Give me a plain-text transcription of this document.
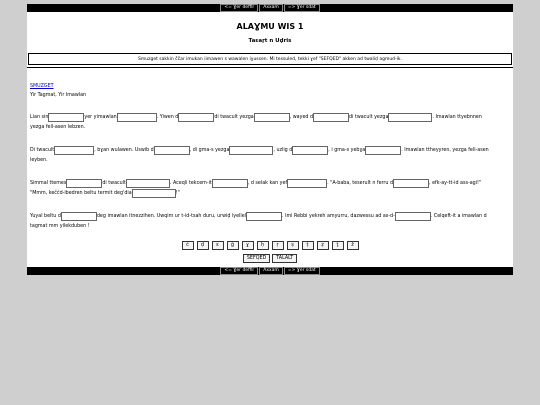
<= Ɣer deffir	Axxam	=> Ɣer sdat
ALAƔMU WIS 1
Taɛaṛt n Uḍris
Smuzget sakkin ččar imukan iimawen s wawalen iɣussen. Mi tessuled, tekki ɣef "SEFQED" akken ad twaliḍ agmud-ik.
SMUZGET
Yir Tagmat, Yir Imawlan
Lian sin	yer yimawlan	. Yiwen d	di twacult yezga	, wayed d	di twacult yezga	. Imawlan ttyebnnen
yezga fell-asen lebzen.
Di twacult	, bɣan wulawen. Uswib d	, di gma-s yezga	, uzlig d	, i gma-s yebɣa	. Imawlan ttheyyren, yezga fell-asen
leyben.
Simmal ttemes	di twacult	. Aceqli tekcem-it	, d selak kan yef	. "A-baba, teserult n ferru d	, efk-ay-tt-id ass-agi!"
"Mmm, keččd-ibedren beltu termit deg'dia	!"
Yuyal beltu d	deg imawlan itnezzihen. Uwqim ur t-id-tsah duru, urwiḍ iyellel	. Imi Rebbi yekreh amyurru, dazwessu ad as-d-	. Celqeft-it a imawlan d
tagmat mm yilekduben !
č	ḍ	ɛ	ǧ	ɣ	ḥ	ṛ	ṣ	ṭ	ẓ	ţ	ž
SEFQED	TALALT
<= Ɣer deffir	Axxam	=> Ɣer sdat
